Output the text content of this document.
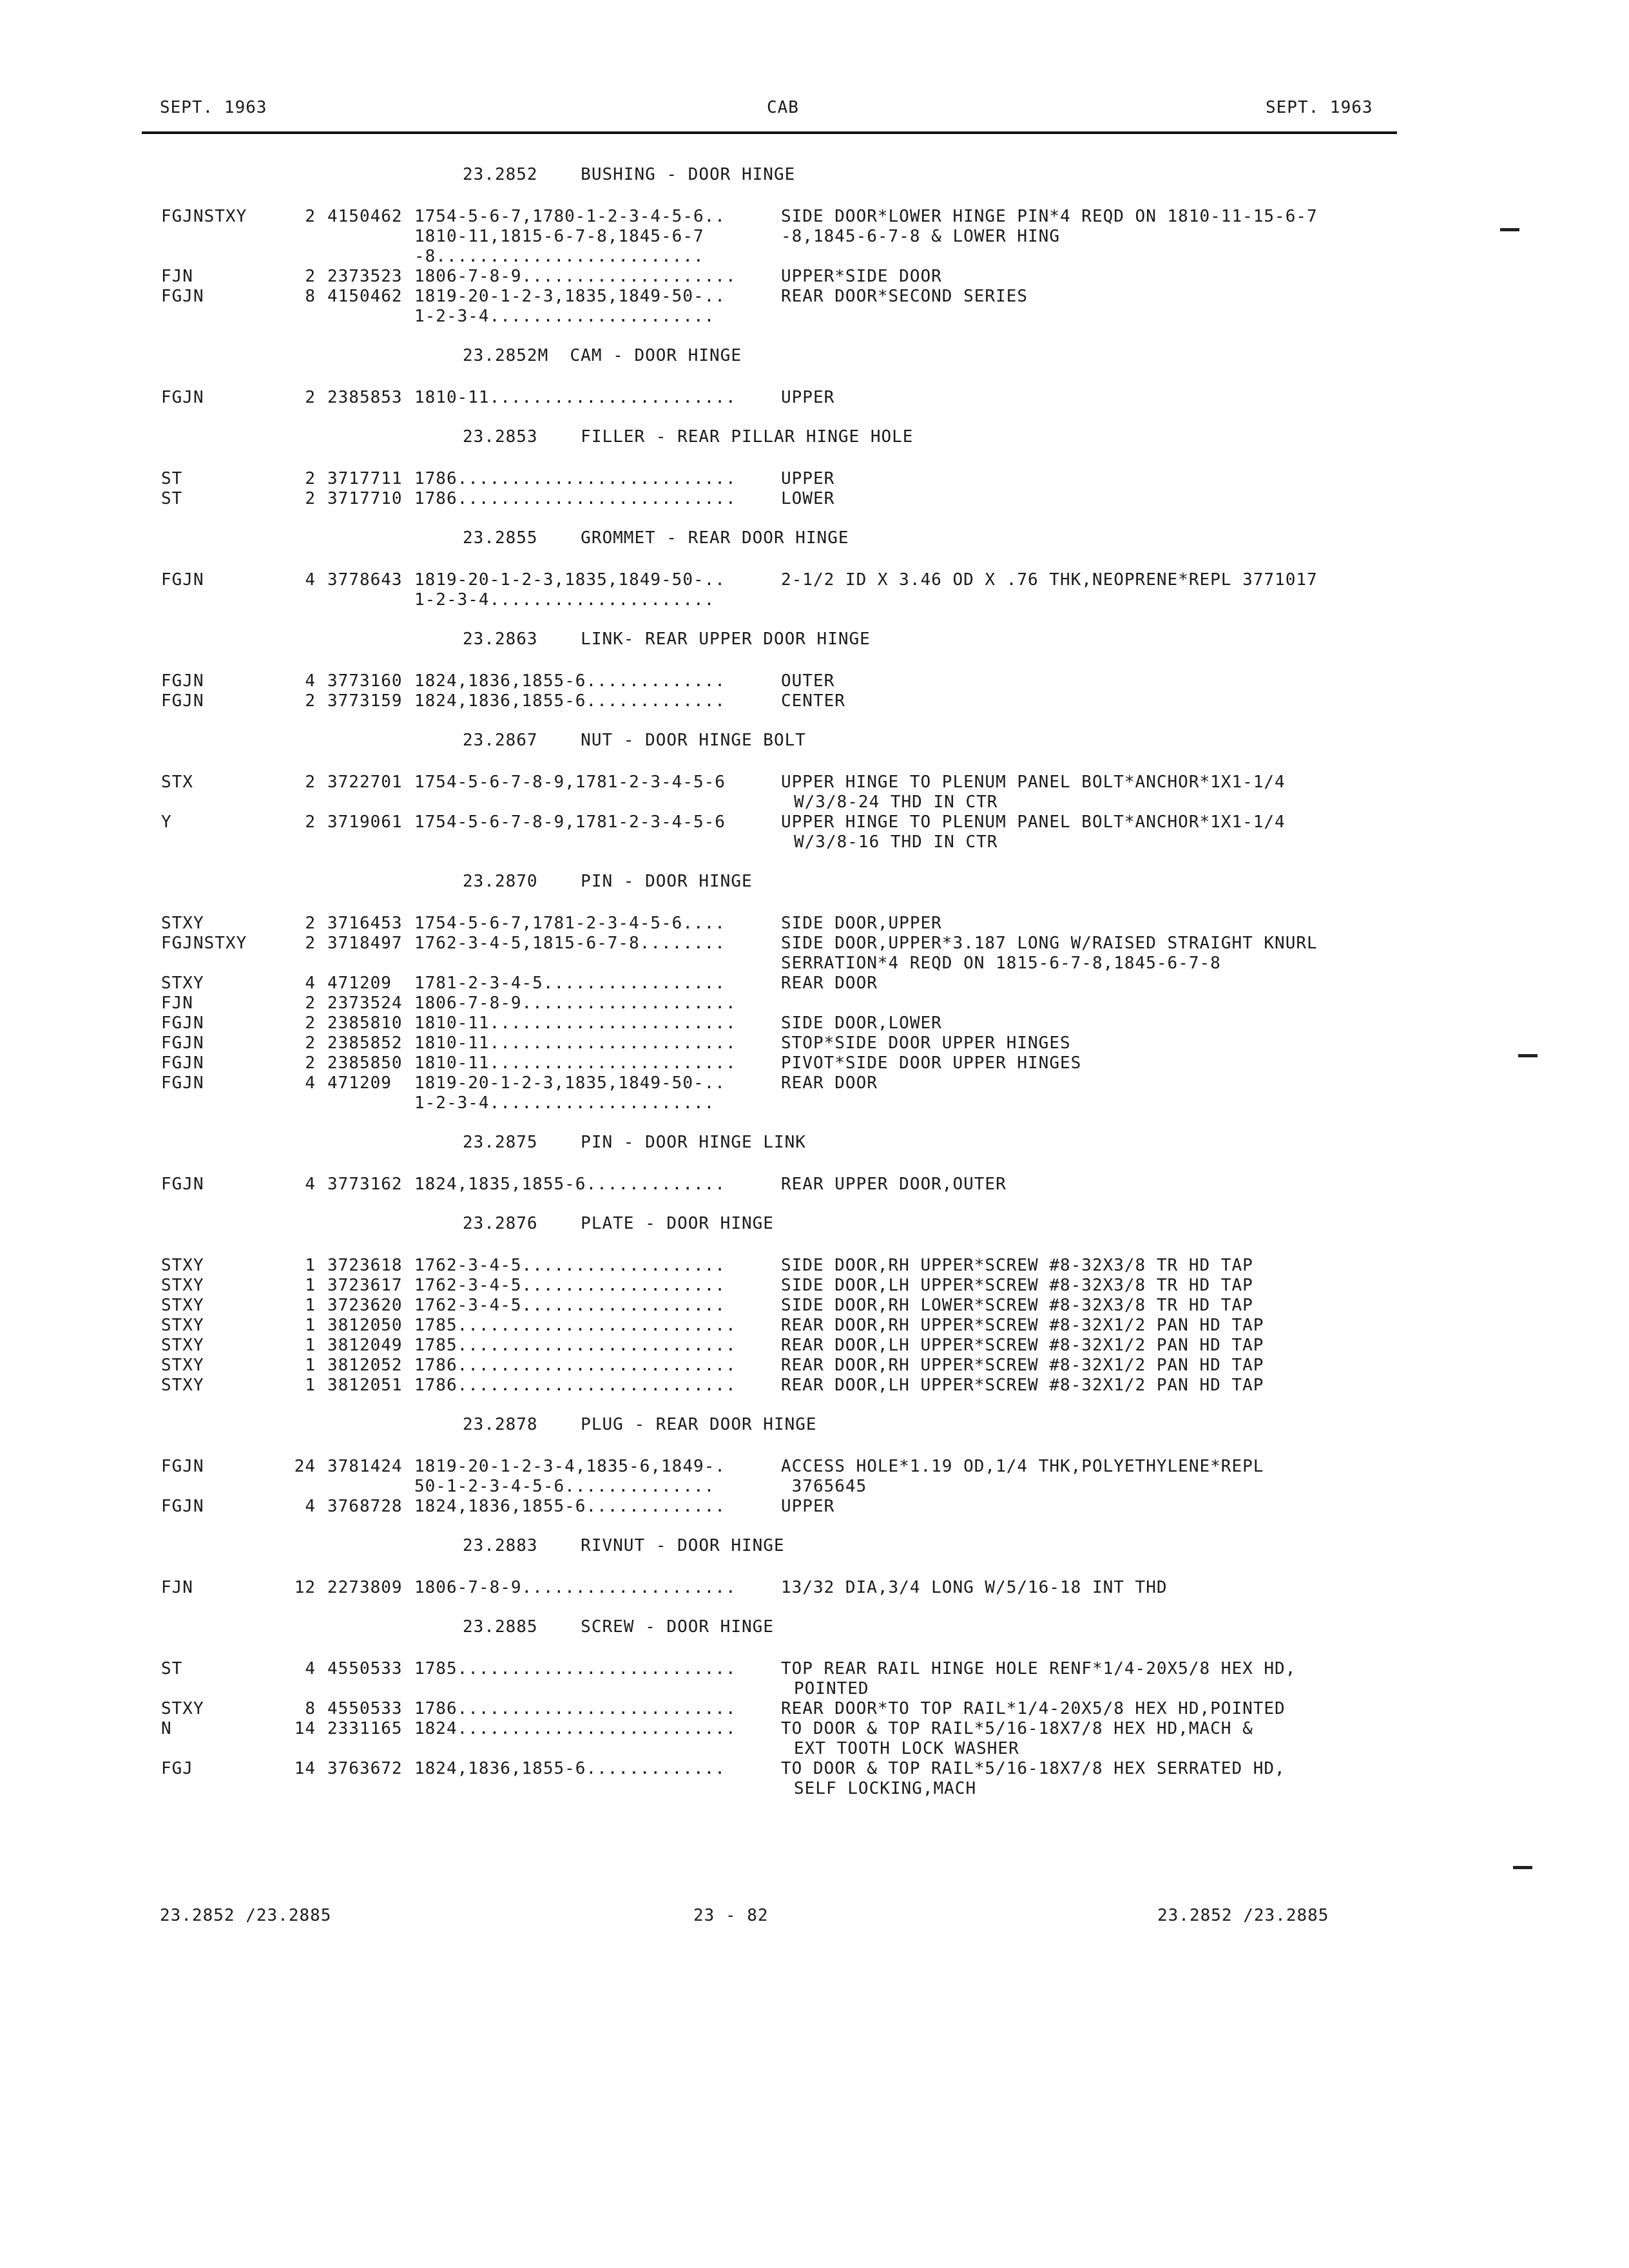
SEPT. 1963	CAB	SEPT. 1963
23.2852    BUSHING - DOOR HINGE
FGJNSTXY	2 4150462 1754-5-6-7,1780-1-2-3-4-5-6..	SIDE DOOR*LOWER HINGE PIN*4 REQD ON 1810-11-15-6-7
1810-11,1815-6-7-8,1845-6-7	-8,1845-6-7-8 & LOWER HING
-8.........................
FJN	2 2373523 1806-7-8-9....................	UPPER*SIDE DOOR
FGJN	8 4150462 1819-20-1-2-3,1835,1849-50-..	REAR DOOR*SECOND SERIES
1-2-3-4.....................
23.2852M  CAM - DOOR HINGE
FGJN	2 2385853 1810-11.......................	UPPER
23.2853    FILLER - REAR PILLAR HINGE HOLE
ST	2 3717711 1786..........................	UPPER
ST	2 3717710 1786..........................	LOWER
23.2855    GROMMET - REAR DOOR HINGE
FGJN	4 3778643 1819-20-1-2-3,1835,1849-50-..	2-1/2 ID X 3.46 OD X .76 THK,NEOPRENE*REPL 3771017
1-2-3-4.....................
23.2863    LINK- REAR UPPER DOOR HINGE
FGJN	4 3773160 1824,1836,1855-6.............	OUTER
FGJN	2 3773159 1824,1836,1855-6.............	CENTER
23.2867    NUT - DOOR HINGE BOLT
STX	2 3722701 1754-5-6-7-8-9,1781-2-3-4-5-6	UPPER HINGE TO PLENUM PANEL BOLT*ANCHOR*1X1-1/4
W/3/8-24 THD IN CTR
Y	2 3719061 1754-5-6-7-8-9,1781-2-3-4-5-6	UPPER HINGE TO PLENUM PANEL BOLT*ANCHOR*1X1-1/4
W/3/8-16 THD IN CTR
23.2870    PIN - DOOR HINGE
STXY	2 3716453 1754-5-6-7,1781-2-3-4-5-6....	SIDE DOOR,UPPER
FGJNSTXY	2 3718497 1762-3-4-5,1815-6-7-8........	SIDE DOOR,UPPER*3.187 LONG W/RAISED STRAIGHT KNURL
SERRATION*4 REQD ON 1815-6-7-8,1845-6-7-8
STXY	4 471209 1781-2-3-4-5.................	REAR DOOR
FJN	2 2373524 1806-7-8-9....................
FGJN	2 2385810 1810-11.......................	SIDE DOOR,LOWER
FGJN	2 2385852 1810-11.......................	STOP*SIDE DOOR UPPER HINGES
FGJN	2 2385850 1810-11.......................	PIVOT*SIDE DOOR UPPER HINGES
FGJN	4 471209 1819-20-1-2-3,1835,1849-50-..	REAR DOOR
1-2-3-4.....................
23.2875    PIN - DOOR HINGE LINK
FGJN	4 3773162 1824,1835,1855-6.............	REAR UPPER DOOR,OUTER
23.2876    PLATE - DOOR HINGE
STXY	1 3723618 1762-3-4-5...................	SIDE DOOR,RH UPPER*SCREW #8-32X3/8 TR HD TAP
STXY	1 3723617 1762-3-4-5...................	SIDE DOOR,LH UPPER*SCREW #8-32X3/8 TR HD TAP
STXY	1 3723620 1762-3-4-5...................	SIDE DOOR,RH LOWER*SCREW #8-32X3/8 TR HD TAP
STXY	1 3812050 1785..........................	REAR DOOR,RH UPPER*SCREW #8-32X1/2 PAN HD TAP
STXY	1 3812049 1785..........................	REAR DOOR,LH UPPER*SCREW #8-32X1/2 PAN HD TAP
STXY	1 3812052 1786..........................	REAR DOOR,RH UPPER*SCREW #8-32X1/2 PAN HD TAP
STXY	1 3812051 1786..........................	REAR DOOR,LH UPPER*SCREW #8-32X1/2 PAN HD TAP
23.2878    PLUG - REAR DOOR HINGE
FGJN	24 3781424 1819-20-1-2-3-4,1835-6,1849-.	ACCESS HOLE*1.19 OD,1/4 THK,POLYETHYLENE*REPL
50-1-2-3-4-5-6..............	3765645
FGJN	4 3768728 1824,1836,1855-6.............	UPPER
23.2883    RIVNUT - DOOR HINGE
FJN	12 2273809 1806-7-8-9....................	13/32 DIA,3/4 LONG W/5/16-18 INT THD
23.2885    SCREW - DOOR HINGE
ST	4 4550533 1785..........................	TOP REAR RAIL HINGE HOLE RENF*1/4-20X5/8 HEX HD,
POINTED
STXY	8 4550533 1786..........................	REAR DOOR*TO TOP RAIL*1/4-20X5/8 HEX HD,POINTED
N	14 2331165 1824..........................	TO DOOR & TOP RAIL*5/16-18X7/8 HEX HD,MACH &
EXT TOOTH LOCK WASHER
FGJ	14 3763672 1824,1836,1855-6.............	TO DOOR & TOP RAIL*5/16-18X7/8 HEX SERRATED HD,
SELF LOCKING,MACH
23.2852 /23.2885	23 - 82	23.2852 /23.2885
